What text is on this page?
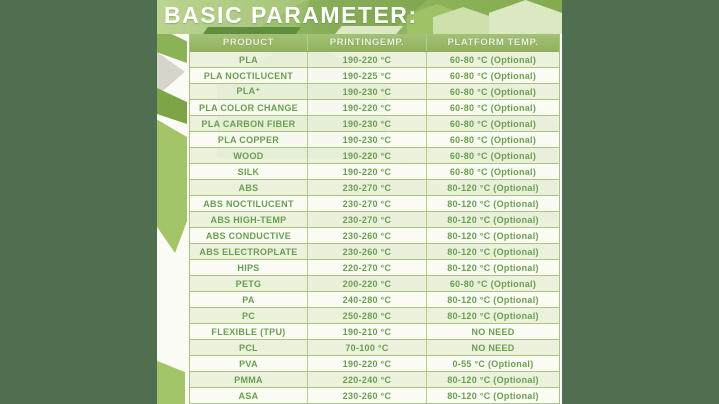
BASIC PARAMETER:
PRODUCT	PRINTINGEMP.	PLATFORM TEMP.
PLA	190-220 °C	60-80 °C (Optional)
PLA NOCTILUCENT	190-225 °C	60-80 °C (Optional)
PLA⁺	190-230 °C	60-80 °C (Optional)
PLA COLOR CHANGE	190-220 °C	60-80 °C (Optional)
PLA CARBON FIBER	190-230 °C	60-80 °C (Optional)
PLA COPPER	190-230 °C	60-80 °C (Optional)
WOOD	190-220 °C	60-80 °C (Optional)
SILK	190-220 °C	60-80 °C (Optional)
ABS	230-270 °C	80-120 °C (Optional)
ABS NOCTILUCENT	230-270 °C	80-120 °C (Optional)
ABS HIGH-TEMP	230-270 °C	80-120 °C (Optional)
ABS CONDUCTIVE	230-260 °C	80-120 °C (Optional)
ABS ELECTROPLATE	230-260 °C	80-120 °C (Optional)
HIPS	220-270 °C	80-120 °C (Optional)
PETG	200-220 °C	60-80 °C (Optional)
PA	240-280 °C	80-120 °C (Optional)
PC	250-280 °C	80-120 °C (Optional)
FLEXIBLE (TPU)	190-210 °C	NO NEED
PCL	70-100 °C	NO NEED
PVA	190-220 °C	0-55 °C (Optional)
PMMA	220-240 °C	80-120 °C (Optional)
ASA	230-260 °C	80-120 °C (Optional)
